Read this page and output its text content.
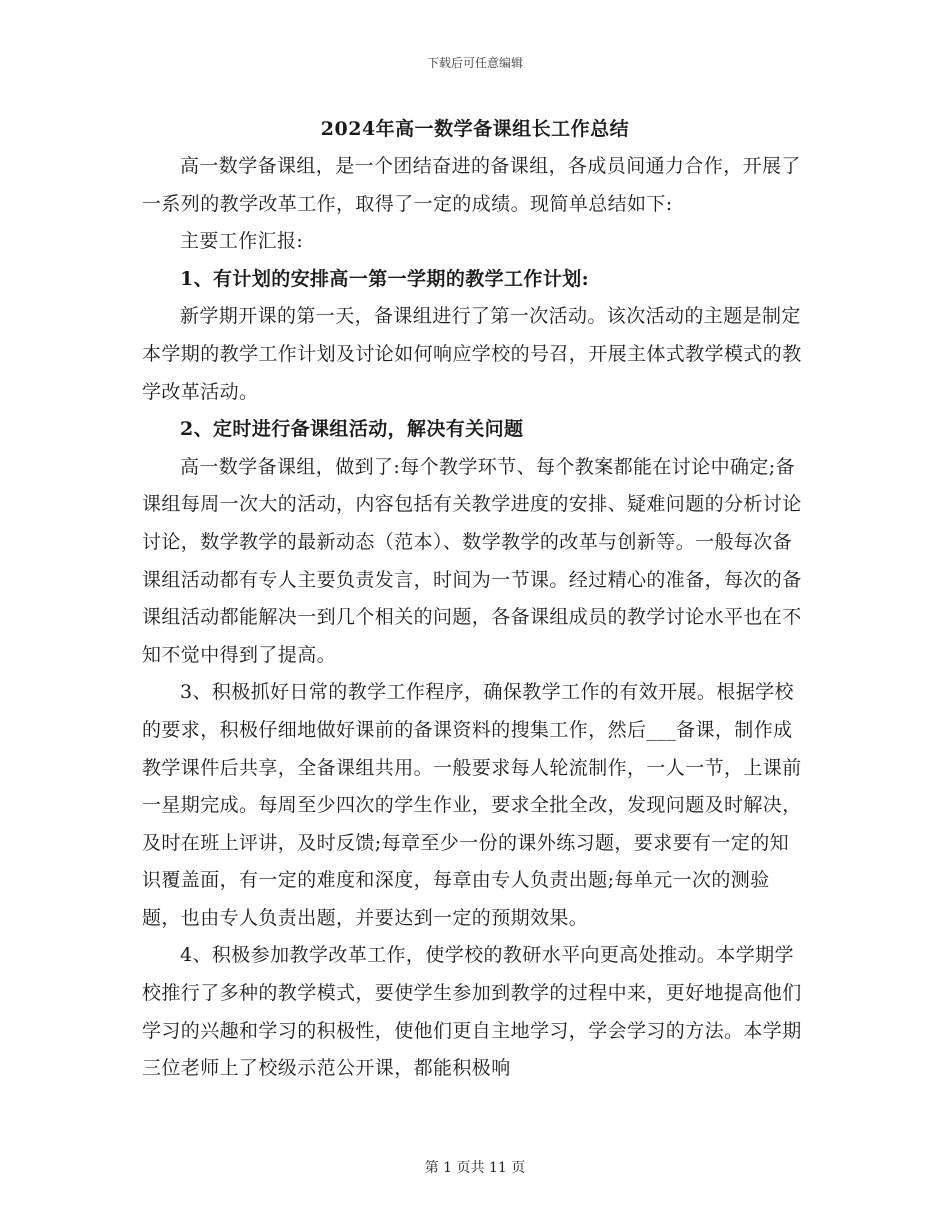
下载后可任意编辑
2024年高一数学备课组长工作总结

高一数学备课组，是一个团结奋进的备课组，各成员间通力合作，开展了一系列的教学改革工作，取得了一定的成绩。现简单总结如下:

主要工作汇报:

1、有计划的安排高一第一学期的教学工作计划:

新学期开课的第一天，备课组进行了第一次活动。该次活动的主题是制定本学期的教学工作计划及讨论如何响应学校的号召，开展主体式教学模式的教学改革活动。

2、定时进行备课组活动，解决有关问题

高一数学备课组，做到了:每个教学环节、每个教案都能在讨论中确定;备课组每周一次大的活动，内容包括有关教学进度的安排、疑难问题的分析讨论讨论，数学教学的最新动态（范本）、数学教学的改革与创新等。一般每次备课组活动都有专人主要负责发言，时间为一节课。经过精心的准备，每次的备课组活动都能解决一到几个相关的问题，各备课组成员的教学讨论水平也在不知不觉中得到了提高。

3、积极抓好日常的教学工作程序，确保教学工作的有效开展。根据学校的要求，积极仔细地做好课前的备课资料的搜集工作，然后___备课，制作成教学课件后共享，全备课组共用。一般要求每人轮流制作，一人一节，上课前一星期完成。每周至少四次的学生作业，要求全批全改，发现问题及时解决，及时在班上评讲，及时反馈;每章至少一份的课外练习题，要求要有一定的知识覆盖面，有一定的难度和深度，每章由专人负责出题;每单元一次的测验题，也由专人负责出题，并要达到一定的预期效果。

4、积极参加教学改革工作，使学校的教研水平向更高处推动。本学期学校推行了多种的教学模式，要使学生参加到教学的过程中来，更好地提高他们学习的兴趣和学习的积极性，使他们更自主地学习，学会学习的方法。本学期三位老师上了校级示范公开课，都能积极响

第 1 页共 11 页
